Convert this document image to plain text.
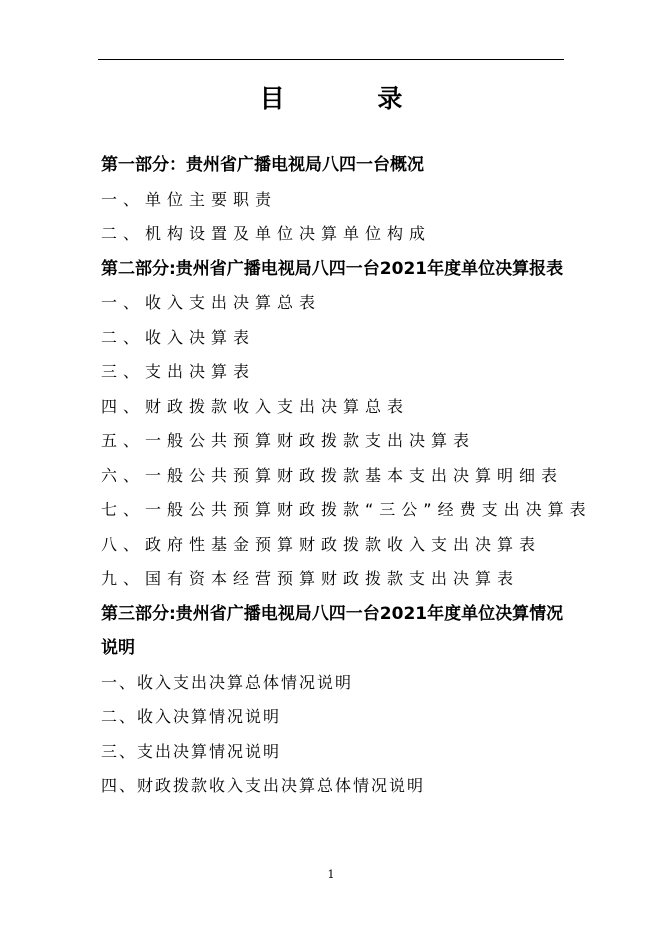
目 录
第一部分：贵州省广播电视局八四一台概况
一、单位主要职责
二、机构设置及单位决算单位构成
第二部分:贵州省广播电视局八四一台2021年度单位决算报表
一、收入支出决算总表
二、收入决算表
三、支出决算表
四、财政拨款收入支出决算总表
五、一般公共预算财政拨款支出决算表
六、一般公共预算财政拨款基本支出决算明细表
七、一般公共预算财政拨款“三公”经费支出决算表
八、政府性基金预算财政拨款收入支出决算表
九、国有资本经营预算财政拨款支出决算表
第三部分:贵州省广播电视局八四一台2021年度单位决算情况说明
一、收入支出决算总体情况说明
二、收入决算情况说明
三、支出决算情况说明
四、财政拨款收入支出决算总体情况说明
1
